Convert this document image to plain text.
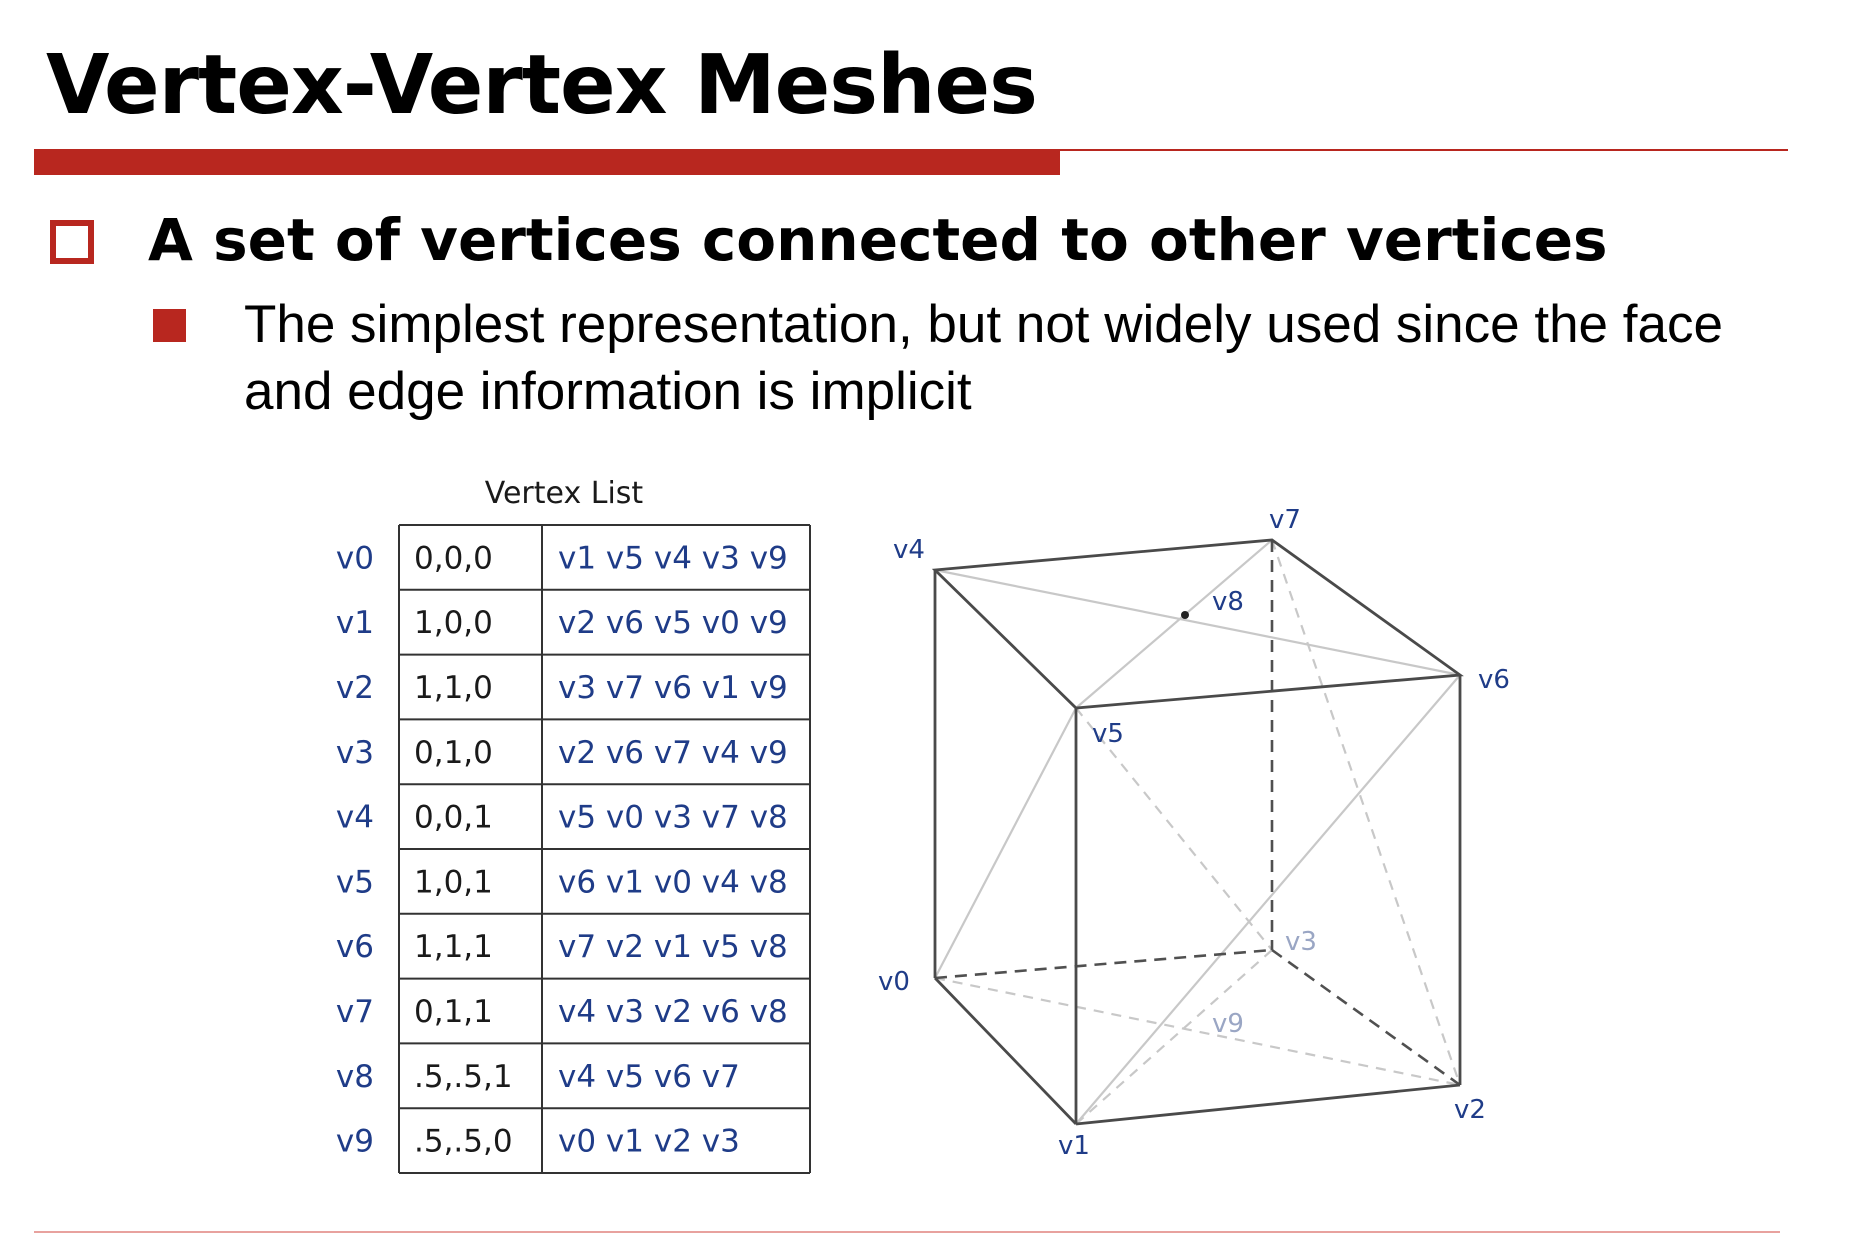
Vertex-Vertex Meshes
A set of vertices connected to other vertices
The simplest representation, but not widely used since the face and edge information is implicit
Vertex List
v0 0,0,0 v1 v5 v4 v3 v9
v1 1,0,0 v2 v6 v5 v0 v9
v2 1,1,0 v3 v7 v6 v1 v9
v3 0,1,0 v2 v6 v7 v4 v9
v4 0,0,1 v5 v0 v3 v7 v8
v5 1,0,1 v6 v1 v0 v4 v8
v6 1,1,1 v7 v2 v1 v5 v8
v7 0,1,1 v4 v3 v2 v6 v8
v8 .5,.5,1 v4 v5 v6 v7
v9 .5,.5,0 v0 v1 v2 v3
v4
v7
v8
v6
v5
v3
v0
v9
v2
v1
